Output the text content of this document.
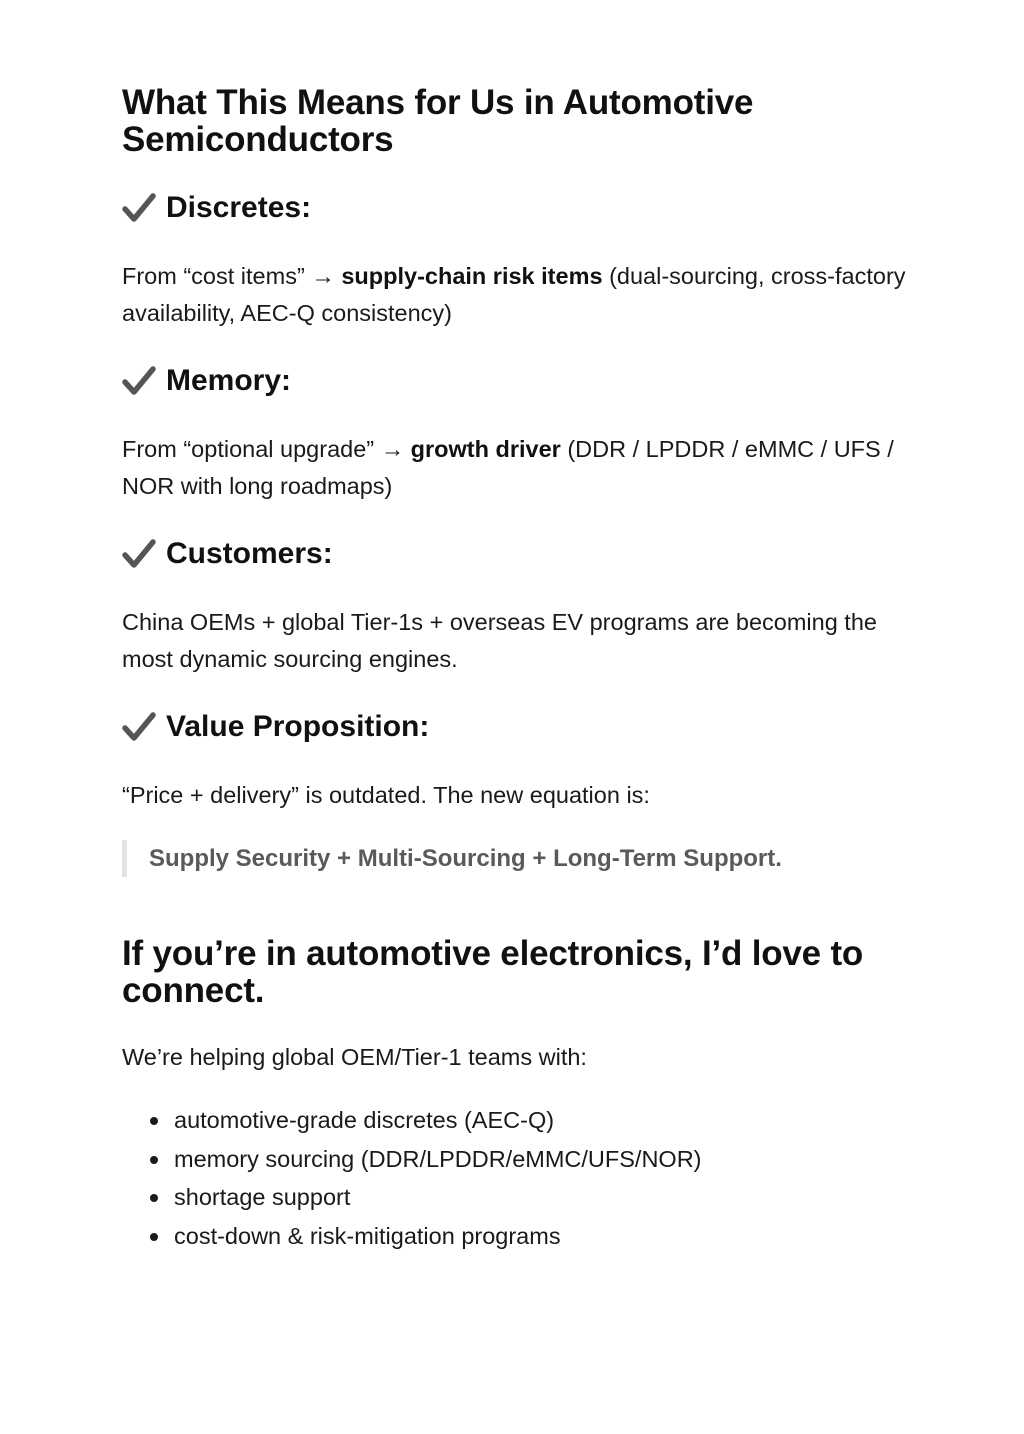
What This Means for Us in Automotive Semiconductors
Discretes:

From “cost items” → supply-chain risk items (dual-sourcing, cross-factory availability, AEC-Q consistency)

Memory:

From “optional upgrade” → growth driver (DDR / LPDDR / eMMC / UFS / NOR with long roadmaps)

Customers:

China OEMs + global Tier-1s + overseas EV programs are becoming the most dynamic sourcing engines.

Value Proposition:

“Price + delivery” is outdated. The new equation is:

Supply Security + Multi-Sourcing + Long-Term Support.
If you’re in automotive electronics, I’d love to connect.

We’re helping global OEM/Tier-1 teams with:

automotive-grade discretes (AEC-Q)
memory sourcing (DDR/LPDDR/eMMC/UFS/NOR)
shortage support
cost-down & risk-mitigation programs
